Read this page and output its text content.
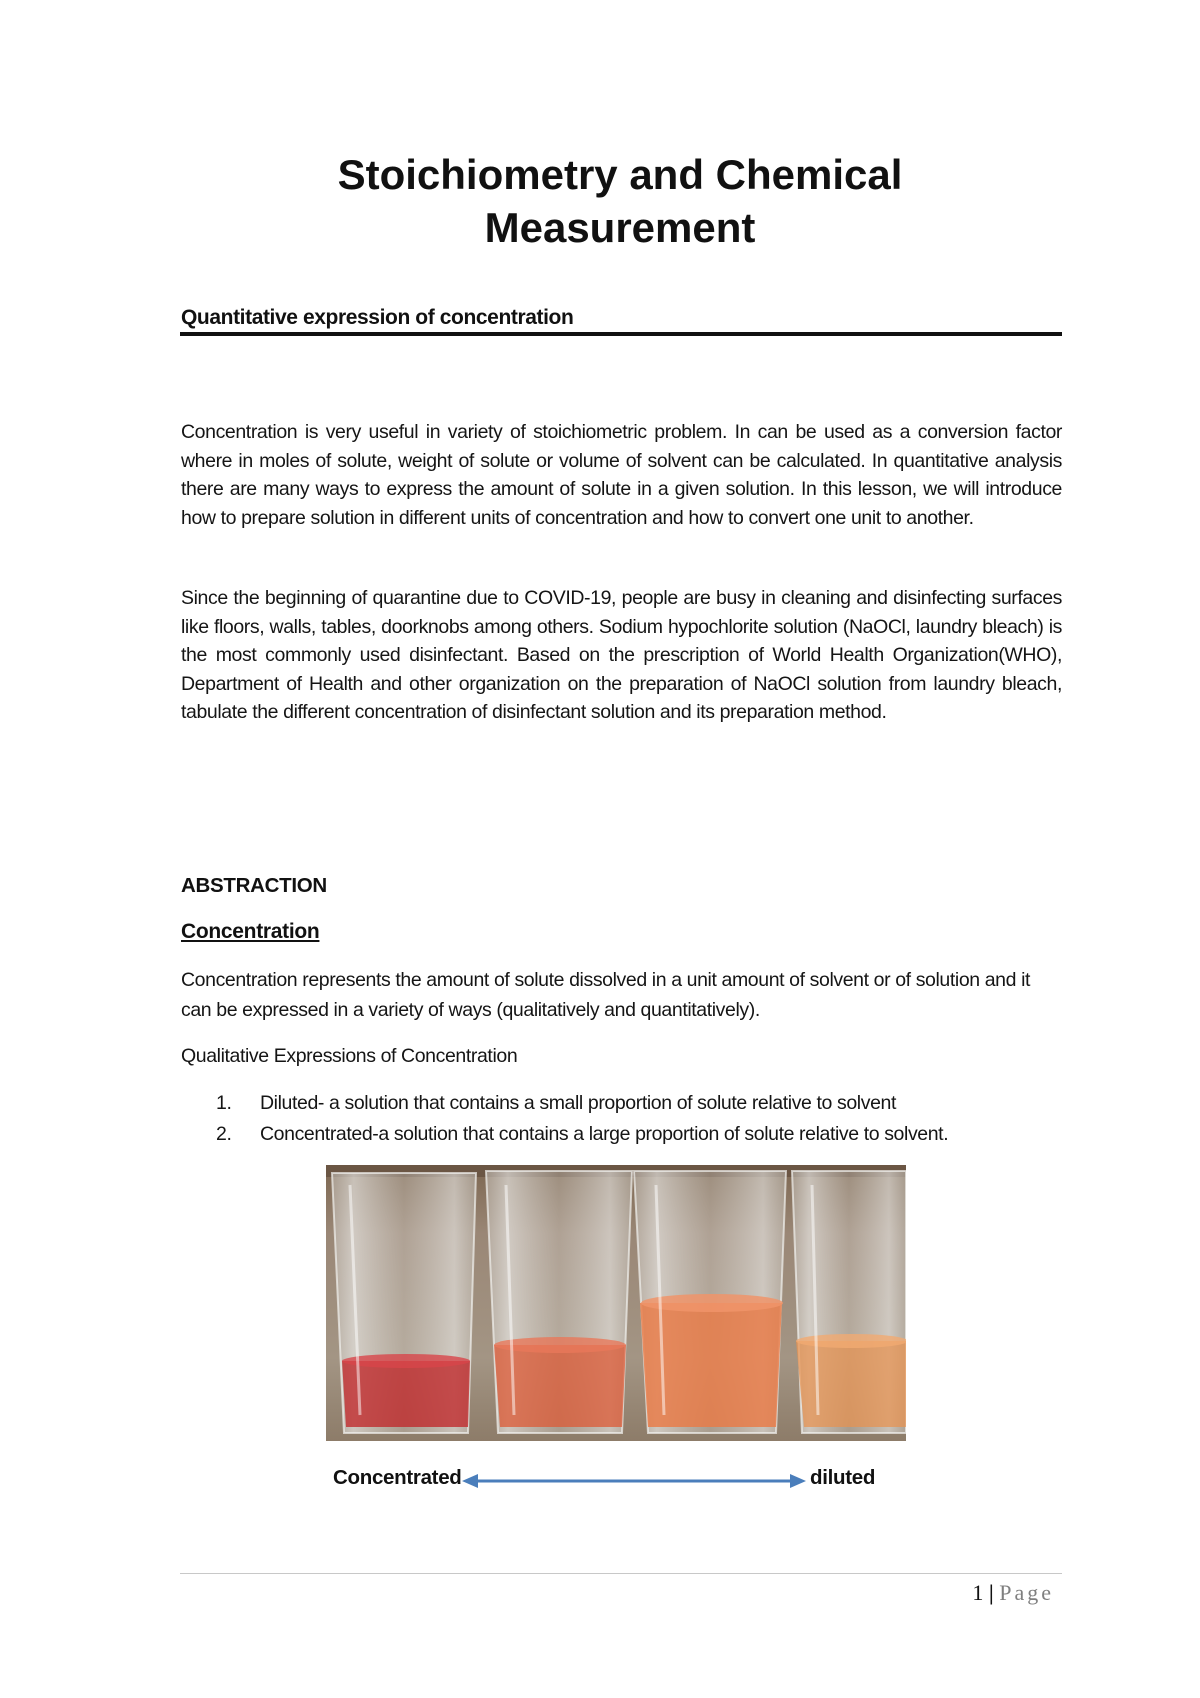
Stoichiometry and Chemical
Measurement
Quantitative expression of concentration
Concentration is very useful in variety of stoichiometric problem. In can be used as a conversion factor where in moles of solute, weight of solute or volume of solvent can be calculated. In quantitative analysis there are many ways to express the amount of solute in a given solution. In this lesson, we will introduce how to prepare solution in different units of concentration and how to convert one unit to another.
Since the beginning of quarantine due to COVID-19, people are busy in cleaning and disinfecting surfaces like floors, walls, tables, doorknobs among others. Sodium hypochlorite solution (NaOCl, laundry bleach) is the most commonly used disinfectant. Based on the prescription of World Health Organization(WHO), Department of Health and other organization on the preparation of NaOCl solution from laundry bleach, tabulate the different concentration of disinfectant solution and its preparation method.
ABSTRACTION
Concentration
Concentration represents the amount of solute dissolved in a unit amount of solvent or of solution and it can be expressed in a variety of ways (qualitatively and quantitatively).
Qualitative Expressions of Concentration
1. Diluted- a solution that contains a small proportion of solute relative to solvent
2. Concentrated-a solution that contains a large proportion of solute relative to solvent.
Concentrated	diluted
1 | Page
